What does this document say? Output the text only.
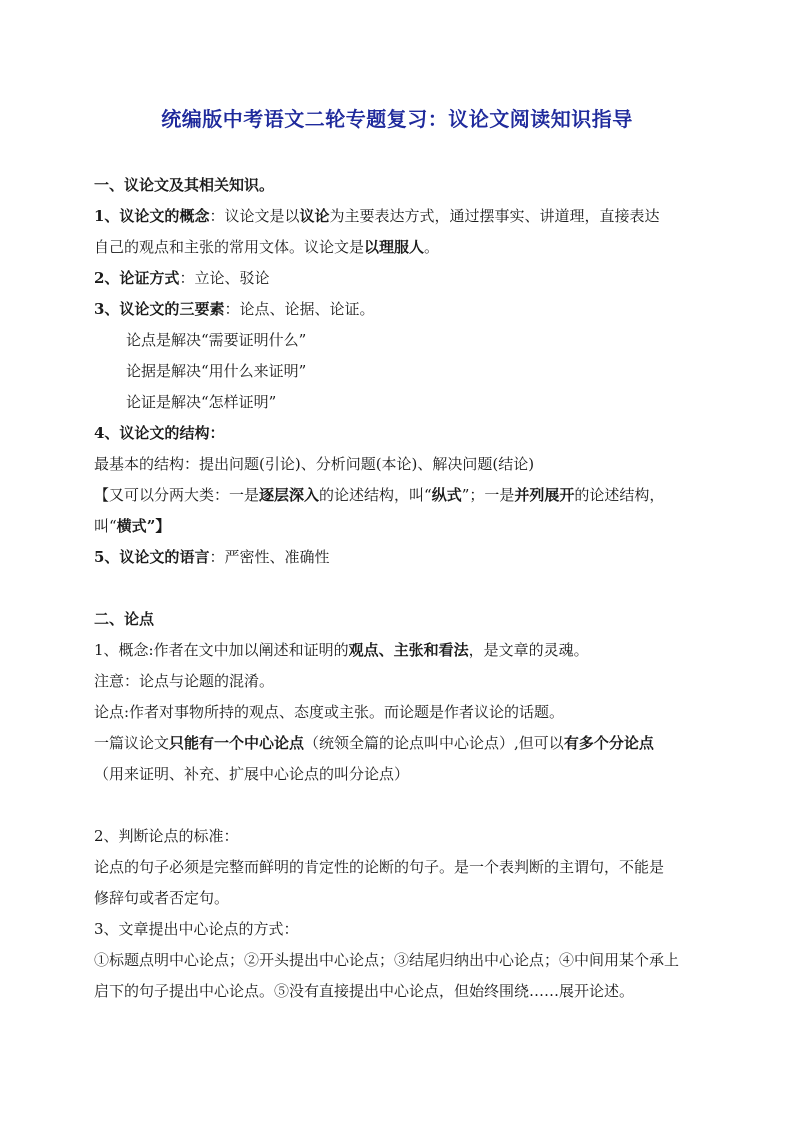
统编版中考语文二轮专题复习：议论文阅读知识指导
一、议论文及其相关知识。
1、议论文的概念：议论文是以议论为主要表达方式，通过摆事实、讲道理，直接表达
自己的观点和主张的常用文体。议论文是以理服人。
2、论证方式：立论、驳论
3、议论文的三要素：论点、论据、论证。
论点是解决“需要证明什么”
论据是解决“用什么来证明”
论证是解决“怎样证明”
4、议论文的结构：
最基本的结构：提出问题(引论)、分析问题(本论)、解决问题(结论)
【又可以分两大类：一是逐层深入的论述结构，叫“纵式”；一是并列展开的论述结构，
叫“横式”】
5、议论文的语言：严密性、准确性
二、论点
1、概念:作者在文中加以阐述和证明的观点、主张和看法，是文章的灵魂。
注意：论点与论题的混淆。
论点:作者对事物所持的观点、态度或主张。而论题是作者议论的话题。
一篇议论文只能有一个中心论点（统领全篇的论点叫中心论点）,但可以有多个分论点
（用来证明、补充、扩展中心论点的叫分论点）
2、判断论点的标准：
论点的句子必须是完整而鲜明的肯定性的论断的句子。是一个表判断的主谓句，不能是
修辞句或者否定句。
3、文章提出中心论点的方式：
①标题点明中心论点；②开头提出中心论点；③结尾归纳出中心论点；④中间用某个承上
启下的句子提出中心论点。⑤没有直接提出中心论点，但始终围绕……展开论述。
